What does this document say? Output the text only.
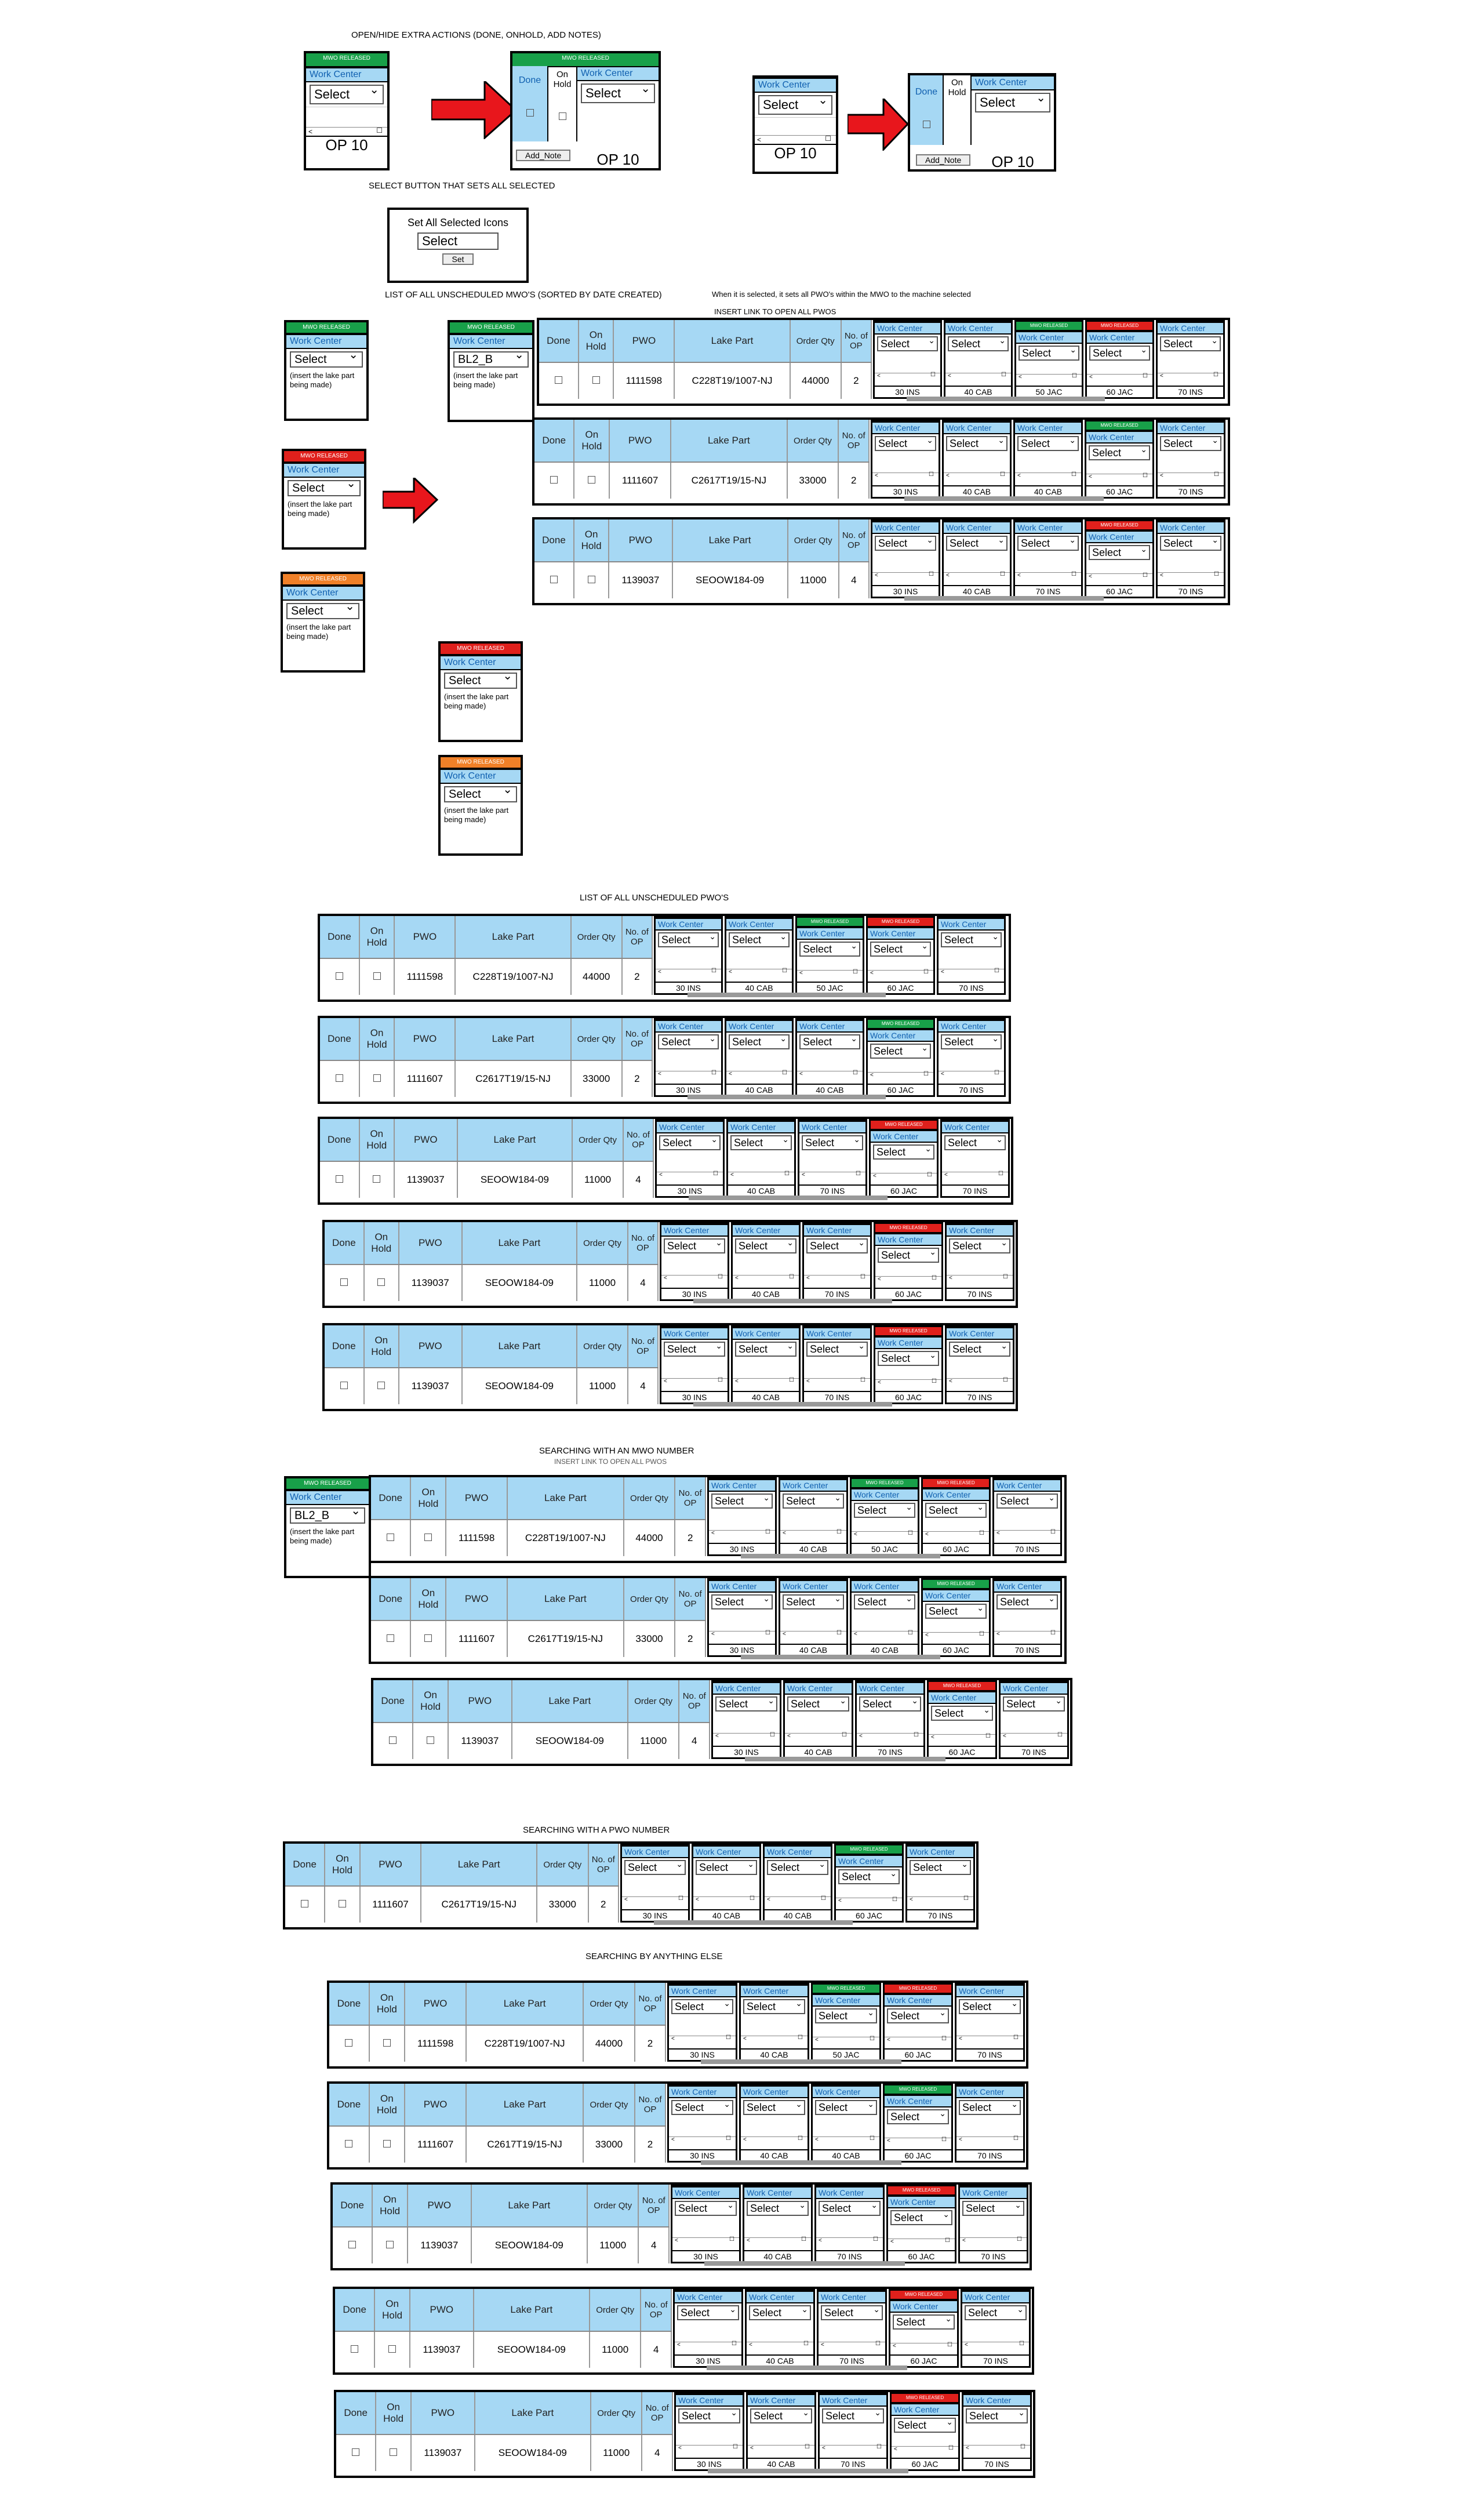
OPEN/HIDE EXTRA ACTIONS (DONE, ONHOLD, ADD NOTES)
SELECT BUTTON THAT SETS ALL SELECTED
LIST OF ALL UNSCHEDULED MWO'S (SORTED BY DATE CREATED)	When it is selected, it sets all PWO's within the MWO to the machine selected
INSERT LINK TO OPEN ALL PWOS
LIST OF ALL UNSCHEDULED PWO'S
SEARCHING WITH AN MWO NUMBER
INSERT LINK TO OPEN ALL PWOS
SEARCHING WITH A PWO NUMBER
SEARCHING BY ANYTHING ELSE
MWO RELEASED
Work Center
Select ⌄
< ☐
OP 10
MWO RELEASED
Done
On Hold
Work Center
Select ⌄
Add_Note	OP 10
Work Center
Select ⌄
< ☐
OP 10
Done
On Hold
Work Center
Select ⌄
Add_Note	OP 10
Set All Selected Icons
Select
Set
MWO RELEASED
Work Center
Select ⌄
(insert the lake part being made)
MWO RELEASED
Work Center
Select ⌄
(insert the lake part being made)
MWO RELEASED
Work Center
Select ⌄
(insert the lake part being made)
MWO RELEASED
Work Center
Select ⌄
(insert the lake part being made)
MWO RELEASED
Work Center
Select ⌄
(insert the lake part being made)
MWO RELEASED
Work Center
BL2_B ⌄
(insert the lake part being made)
MWO RELEASED
Work Center
BL2_B ⌄
(insert the lake part being made)
Done	On Hold	PWO	Lake Part	Order Qty	No. of OP
		1111598	C228T19/1007-NJ	44000	2
Work Center
Select ⌄
< ☐
30 INS
Work Center
Select ⌄
< ☐
40 CAB
MWO RELEASED
Work Center
Select ⌄
< ☐
50 JAC
MWO RELEASED
Work Center
Select ⌄
< ☐
60 JAC
Work Center
Select ⌄
< ☐
70 INS
Done	On Hold	PWO	Lake Part	Order Qty	No. of OP
		1111607	C2617T19/15-NJ	33000	2
Work Center
Select ⌄
< ☐
30 INS
Work Center
Select ⌄
< ☐
40 CAB
Work Center
Select ⌄
< ☐
40 CAB
MWO RELEASED
Work Center
Select ⌄
< ☐
60 JAC
Work Center
Select ⌄
< ☐
70 INS
Done	On Hold	PWO	Lake Part	Order Qty	No. of OP
		1139037	SEOOW184-09	11000	4
Work Center
Select ⌄
< ☐
30 INS
Work Center
Select ⌄
< ☐
40 CAB
Work Center
Select ⌄
< ☐
70 INS
MWO RELEASED
Work Center
Select ⌄
< ☐
60 JAC
Work Center
Select ⌄
< ☐
70 INS
Done	On Hold	PWO	Lake Part	Order Qty	No. of OP
		1111598	C228T19/1007-NJ	44000	2
Work Center
Select ⌄
< ☐
30 INS
Work Center
Select ⌄
< ☐
40 CAB
MWO RELEASED
Work Center
Select ⌄
< ☐
50 JAC
MWO RELEASED
Work Center
Select ⌄
< ☐
60 JAC
Work Center
Select ⌄
< ☐
70 INS
Done	On Hold	PWO	Lake Part	Order Qty	No. of OP
		1111607	C2617T19/15-NJ	33000	2
Work Center
Select ⌄
< ☐
30 INS
Work Center
Select ⌄
< ☐
40 CAB
Work Center
Select ⌄
< ☐
40 CAB
MWO RELEASED
Work Center
Select ⌄
< ☐
60 JAC
Work Center
Select ⌄
< ☐
70 INS
Done	On Hold	PWO	Lake Part	Order Qty	No. of OP
		1139037	SEOOW184-09	11000	4
Work Center
Select ⌄
< ☐
30 INS
Work Center
Select ⌄
< ☐
40 CAB
Work Center
Select ⌄
< ☐
70 INS
MWO RELEASED
Work Center
Select ⌄
< ☐
60 JAC
Work Center
Select ⌄
< ☐
70 INS
Done	On Hold	PWO	Lake Part	Order Qty	No. of OP
		1139037	SEOOW184-09	11000	4
Work Center
Select ⌄
< ☐
30 INS
Work Center
Select ⌄
< ☐
40 CAB
Work Center
Select ⌄
< ☐
70 INS
MWO RELEASED
Work Center
Select ⌄
< ☐
60 JAC
Work Center
Select ⌄
< ☐
70 INS
Done	On Hold	PWO	Lake Part	Order Qty	No. of OP
		1139037	SEOOW184-09	11000	4
Work Center
Select ⌄
< ☐
30 INS
Work Center
Select ⌄
< ☐
40 CAB
Work Center
Select ⌄
< ☐
70 INS
MWO RELEASED
Work Center
Select ⌄
< ☐
60 JAC
Work Center
Select ⌄
< ☐
70 INS
Done	On Hold	PWO	Lake Part	Order Qty	No. of OP
		1111598	C228T19/1007-NJ	44000	2
Work Center
Select ⌄
< ☐
30 INS
Work Center
Select ⌄
< ☐
40 CAB
MWO RELEASED
Work Center
Select ⌄
< ☐
50 JAC
MWO RELEASED
Work Center
Select ⌄
< ☐
60 JAC
Work Center
Select ⌄
< ☐
70 INS
Done	On Hold	PWO	Lake Part	Order Qty	No. of OP
		1111607	C2617T19/15-NJ	33000	2
Work Center
Select ⌄
< ☐
30 INS
Work Center
Select ⌄
< ☐
40 CAB
Work Center
Select ⌄
< ☐
40 CAB
MWO RELEASED
Work Center
Select ⌄
< ☐
60 JAC
Work Center
Select ⌄
< ☐
70 INS
Done	On Hold	PWO	Lake Part	Order Qty	No. of OP
		1139037	SEOOW184-09	11000	4
Work Center
Select ⌄
< ☐
30 INS
Work Center
Select ⌄
< ☐
40 CAB
Work Center
Select ⌄
< ☐
70 INS
MWO RELEASED
Work Center
Select ⌄
< ☐
60 JAC
Work Center
Select ⌄
< ☐
70 INS
Done	On Hold	PWO	Lake Part	Order Qty	No. of OP
		1111607	C2617T19/15-NJ	33000	2
Work Center
Select ⌄
< ☐
30 INS
Work Center
Select ⌄
< ☐
40 CAB
Work Center
Select ⌄
< ☐
40 CAB
MWO RELEASED
Work Center
Select ⌄
< ☐
60 JAC
Work Center
Select ⌄
< ☐
70 INS
Done	On Hold	PWO	Lake Part	Order Qty	No. of OP
		1111598	C228T19/1007-NJ	44000	2
Work Center
Select ⌄
< ☐
30 INS
Work Center
Select ⌄
< ☐
40 CAB
MWO RELEASED
Work Center
Select ⌄
< ☐
50 JAC
MWO RELEASED
Work Center
Select ⌄
< ☐
60 JAC
Work Center
Select ⌄
< ☐
70 INS
Done	On Hold	PWO	Lake Part	Order Qty	No. of OP
		1111607	C2617T19/15-NJ	33000	2
Work Center
Select ⌄
< ☐
30 INS
Work Center
Select ⌄
< ☐
40 CAB
Work Center
Select ⌄
< ☐
40 CAB
MWO RELEASED
Work Center
Select ⌄
< ☐
60 JAC
Work Center
Select ⌄
< ☐
70 INS
Done	On Hold	PWO	Lake Part	Order Qty	No. of OP
		1139037	SEOOW184-09	11000	4
Work Center
Select ⌄
< ☐
30 INS
Work Center
Select ⌄
< ☐
40 CAB
Work Center
Select ⌄
< ☐
70 INS
MWO RELEASED
Work Center
Select ⌄
< ☐
60 JAC
Work Center
Select ⌄
< ☐
70 INS
Done	On Hold	PWO	Lake Part	Order Qty	No. of OP
		1139037	SEOOW184-09	11000	4
Work Center
Select ⌄
< ☐
30 INS
Work Center
Select ⌄
< ☐
40 CAB
Work Center
Select ⌄
< ☐
70 INS
MWO RELEASED
Work Center
Select ⌄
< ☐
60 JAC
Work Center
Select ⌄
< ☐
70 INS
Done	On Hold	PWO	Lake Part	Order Qty	No. of OP
		1139037	SEOOW184-09	11000	4
Work Center
Select ⌄
< ☐
30 INS
Work Center
Select ⌄
< ☐
40 CAB
Work Center
Select ⌄
< ☐
70 INS
MWO RELEASED
Work Center
Select ⌄
< ☐
60 JAC
Work Center
Select ⌄
< ☐
70 INS
